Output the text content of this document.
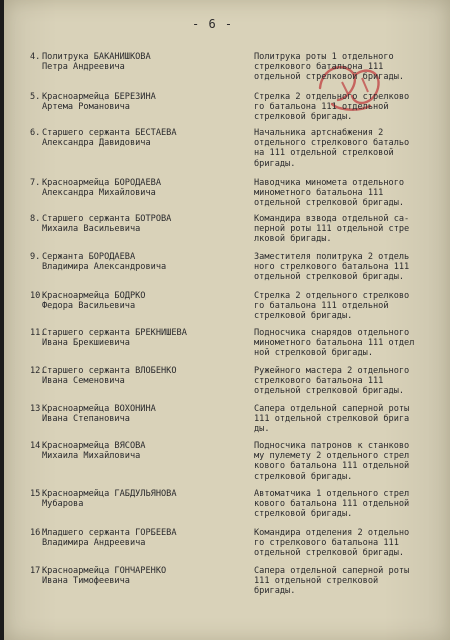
- 6 -
4. Политрука БАКАНИШКОВА
Петра Андреевича
Политрука роты 1 отдельного
стрелкового батальона 111
отдельной стрелковой бригады.
5. Красноармейца БЕРЕЗИНА
Артема Романовича
Стрелка 2 отдельного стрелково
го батальона 111 отдельной
стрелковой бригады.
6. Старшего сержанта БЕСТАЕВА
Александра Давидовича
Начальника артснабжения 2
отдельного стрелкового батальо
на 111 отдельной стрелковой
бригады.
7. Красноармейца БОРОДАЕВА
Александра Михайловича
Наводчика миномета отдельного
минометного батальона 111
отдельной стрелковой бригады.
8. Старшего сержанта БОТРОВА
Михаила Васильевича
Командира взвода отдельной са-
перной роты 111 отдельной стре
лковой бригады.
9. Сержанта БОРОДАЕВА
Владимира Александровича
Заместителя политрука 2 отдель
ного стрелкового батальона 111
отдельной стрелковой бригады.
10.Красноармейца БОДРКО
Федора Васильевича
Стрелка 2 отдельного стрелково
го батальона 111 отдельной
стрелковой бригады.
11.Старшего сержанта БРЕКНИШЕВА
Ивана Брекшиевича
Подносчика снарядов отдельного
минометного батальона 111 отдел
ной стрелковой бригады.
12.Старшего сержанта ВЛОБЕНКО
Ивана Семеновича
Ружейного мастера 2 отдельного
стрелкового батальона 111
отдельной стрелковой бригады.
13.Красноармейца ВОХОНИНА
Ивана Степановича
Сапера отдельной саперной роты
111 отдельной стрелковой брига
ды.
14.Красноармейца ВЯСОВА
Михаила Михайловича
Подносчика патронов к станково
му пулемету 2 отдельного стрел
кового батальона 111 отдельной
стрелковой бригады.
15.Красноармейца ГАБДУЛЬЯНОВА
Мубарова
Автоматчика 1 отдельного стрел
кового батальона 111 отдельной
стрелковой бригады.
16.Младшего сержанта ГОРБЕЕВА
Владимира Андреевича
Командира отделения 2 отдельно
го стрелкового батальона 111
отдельной стрелковой бригады.
17.Красноармейца ГОНЧАРЕНКО
Ивана Тимофеевича
Сапера отдельной саперной роты
111 отдельной стрелковой
бригады.
